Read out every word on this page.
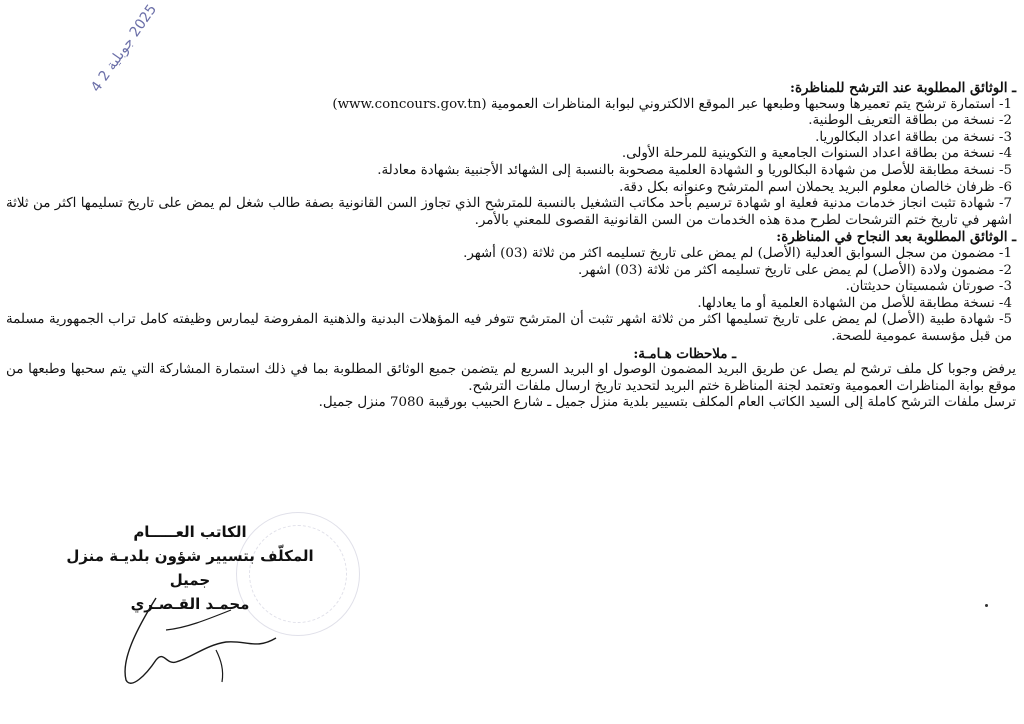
2025 جوبلية 2 4
ـ الوثائق المطلوبة عند الترشح للمناظرة:
1- استمارة ترشح يتم تعميرها وسحبها وطبعها عبر الموقع الالكتروني لبوابة المناظرات العمومية (www.concours.gov.tn)
2- نسخة من بطاقة التعريف الوطنية.
3- نسخة من بطاقة اعداد البكالوريا.
4- نسخة من بطاقة اعداد السنوات الجامعية و التكوينية للمرحلة الأولى.
5- نسخة مطابقة للأصل من شهادة البكالوريا و الشهادة العلمية مصحوبة بالنسبة إلى الشهائد الأجنبية بشهادة معادلة.
6- ظرفان خالصان معلوم البريد يحملان اسم المترشح وعنوانه بكل دقة.
7- شهادة تثبت انجاز خدمات مدنية فعلية او شهادة ترسيم بأحد مكاتب التشغيل بالنسبة للمترشح الذي تجاوز السن القانونية بصفة طالب شغل لم يمض على تاريخ تسليمها اكثر من ثلاثة اشهر في تاريخ ختم الترشحات لطرح مدة هذه الخدمات من السن القانونية القصوى للمعني بالأمر.
ـ الوثائق المطلوبة بعد النجاح في المناظرة:
1- مضمون من سجل السوابق العدلية (الأصل) لم يمض على تاريخ تسليمه اكثر من ثلاثة (03) أشهر.
2- مضمون ولادة (الأصل) لم يمض على تاريخ تسليمه اكثر من ثلاثة (03) اشهر.
3- صورتان شمسيتان حديثتان.
4- نسخة مطابقة للأصل من الشهادة العلمية أو ما يعادلها.
5- شهادة طبية (الأصل) لم يمض على تاريخ تسليمها اكثر من ثلاثة اشهر تثبت أن المترشح تتوفر فيه المؤهلات البدنية والذهنية المفروضة ليمارس وظيفته كامل تراب الجمهورية مسلمة من قبل مؤسسة عمومية للصحة.
ـ ملاحظات هـامـة:
يرفض وجوبا كل ملف ترشح لم يصل عن طريق البريد المضمون الوصول او البريد السريع لم يتضمن جميع الوثائق المطلوبة بما في ذلك استمارة المشاركة التي يتم سحبها وطبعها من موقع بوابة المناظرات العمومية وتعتمد لجنة المناظرة ختم البريد لتحديد تاريخ ارسال ملفات الترشح.
ترسل ملفات الترشح كاملة إلى السيد الكاتب العام المكلف بتسيير بلدية منزل جميل ـ شارع الحبيب بورقيبة 7080 منزل جميل.
الكاتب العـــــام
المكلّف بتسيير شؤون بلديـة منزل جميل
محمـد القـصـري
